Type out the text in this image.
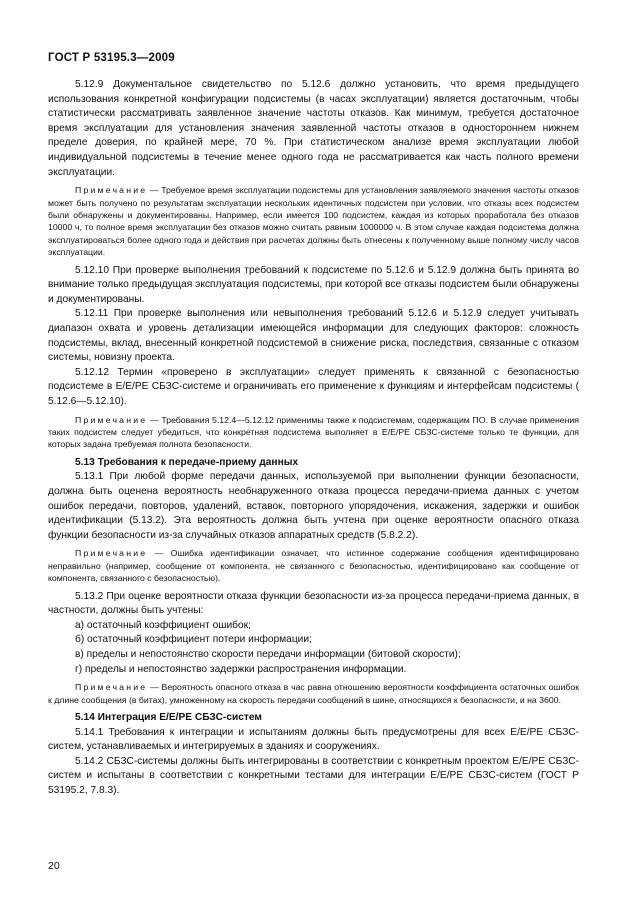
ГОСТ Р 53195.3—2009

5.12.9 Документальное свидетельство по 5.12.6 должно установить, что время предыдущего использования конкретной конфигурации подсистемы (в часах эксплуатации) является достаточным, чтобы статистически рассматривать заявленное значение частоты отказов. Как минимум, требуется достаточное время эксплуатации для установления значения заявленной частоты отказов в одностороннем нижнем пределе доверия, по крайней мере, 70 %. При статистическом анализе время эксплуатации любой индивидуальной подсистемы в течение менее одного года не рассматривается как часть полного времени эксплуатации.

Примечание — Требуемое время эксплуатации подсистемы для установления заявляемого значения частоты отказов может быть получено по результатам эксплуатации нескольких идентичных подсистем при условии, что отказы всех подсистем были обнаружены и документированы. Например, если имеется 100 подсистем, каждая из которых проработала без отказов 10000 ч, то полное время эксплуатации без отказов можно считать равным 1000000 ч. В этом случае каждая подсистема должна эксплуатироваться более одного года и действия при расчетах должны быть отнесены к полученному выше полному числу часов эксплуатации.

5.12.10 При проверке выполнения требований к подсистеме по 5.12.6 и 5.12.9 должна быть принята во внимание только предыдущая эксплуатация подсистемы, при которой все отказы подсистем были обнаружены и документированы.

5.12.11 При проверке выполнения или невыполнения требований 5.12.6 и 5.12.9 следует учитывать диапазон охвата и уровень детализации имеющейся информации для следующих факторов: сложность подсистемы, вклад, внесенный конкретной подсистемой в снижение риска, последствия, связанные с отказом системы, новизну проекта.

5.12.12 Термин «проверено в эксплуатации» следует применять к связанной с безопасностью подсистеме в Е/Е/РЕ СБЗС-системе и ограничивать его применение к функциям и интерфейсам подсистемы ( 5.12.6—5.12.10).

Примечание — Требования 5.12.4—5.12.12 применимы также к подсистемам, содержащим ПО. В случае применения таких подсистем следует убедиться, что конкретная подсистема выполняет в Е/Е/РЕ СБЗС-системе только те функции, для которых задана требуемая полнота безопасности.

5.13 Требования к передаче-приему данных

5.13.1 При любой форме передачи данных, используемой при выполнении функции безопасности, должна быть оценена вероятность необнаруженного отказа процесса передачи-приема данных с учетом ошибок передачи, повторов, удалений, вставок, повторного упорядочения, искажения, задержки и ошибок идентификации (5.13.2). Эта вероятность должна быть учтена при оценке вероятности опасного отказа функции безопасности из-за случайных отказов аппаратных средств (5.8.2.2).

Примечание — Ошибка идентификации означает, что истинное содержание сообщения идентифицировано неправильно (например, сообщение от компонента, не связанного с безопасностью, идентифицировано как сообщение от компонента, связанного с безопасностью).

5.13.2 При оценке вероятности отказа функции безопасности из-за процесса передачи-приема данных, в частности, должны быть учтены:

а) остаточный коэффициент ошибок;

б) остаточный коэффициент потери информации;

в) пределы и непостоянство скорости передачи информации (битовой скорости);

г) пределы и непостоянство задержки распространения информации.

Примечание — Вероятность опасного отказа в час равна отношению вероятности коэффициента остаточных ошибок к длине сообщения (в битах), умноженному на скорость передачи сообщений в шине, относящихся к безопасности, и на 3600.

5.14 Интеграция Е/Е/РЕ СБЗС-систем

5.14.1 Требования к интеграции и испытаниям должны быть предусмотрены для всех Е/Е/РЕ СБЗС-систем, устанавливаемых и интегрируемых в зданиях и сооружениях.

5.14.2 СБЗС-системы должны быть интегрированы в соответствии с конкретным проектом Е/Е/РЕ СБЗС-систем и испытаны в соответствии с конкретными тестами для интеграции Е/Е/РЕ СБЗС-систем (ГОСТ Р 53195.2, 7.8.3).

20
